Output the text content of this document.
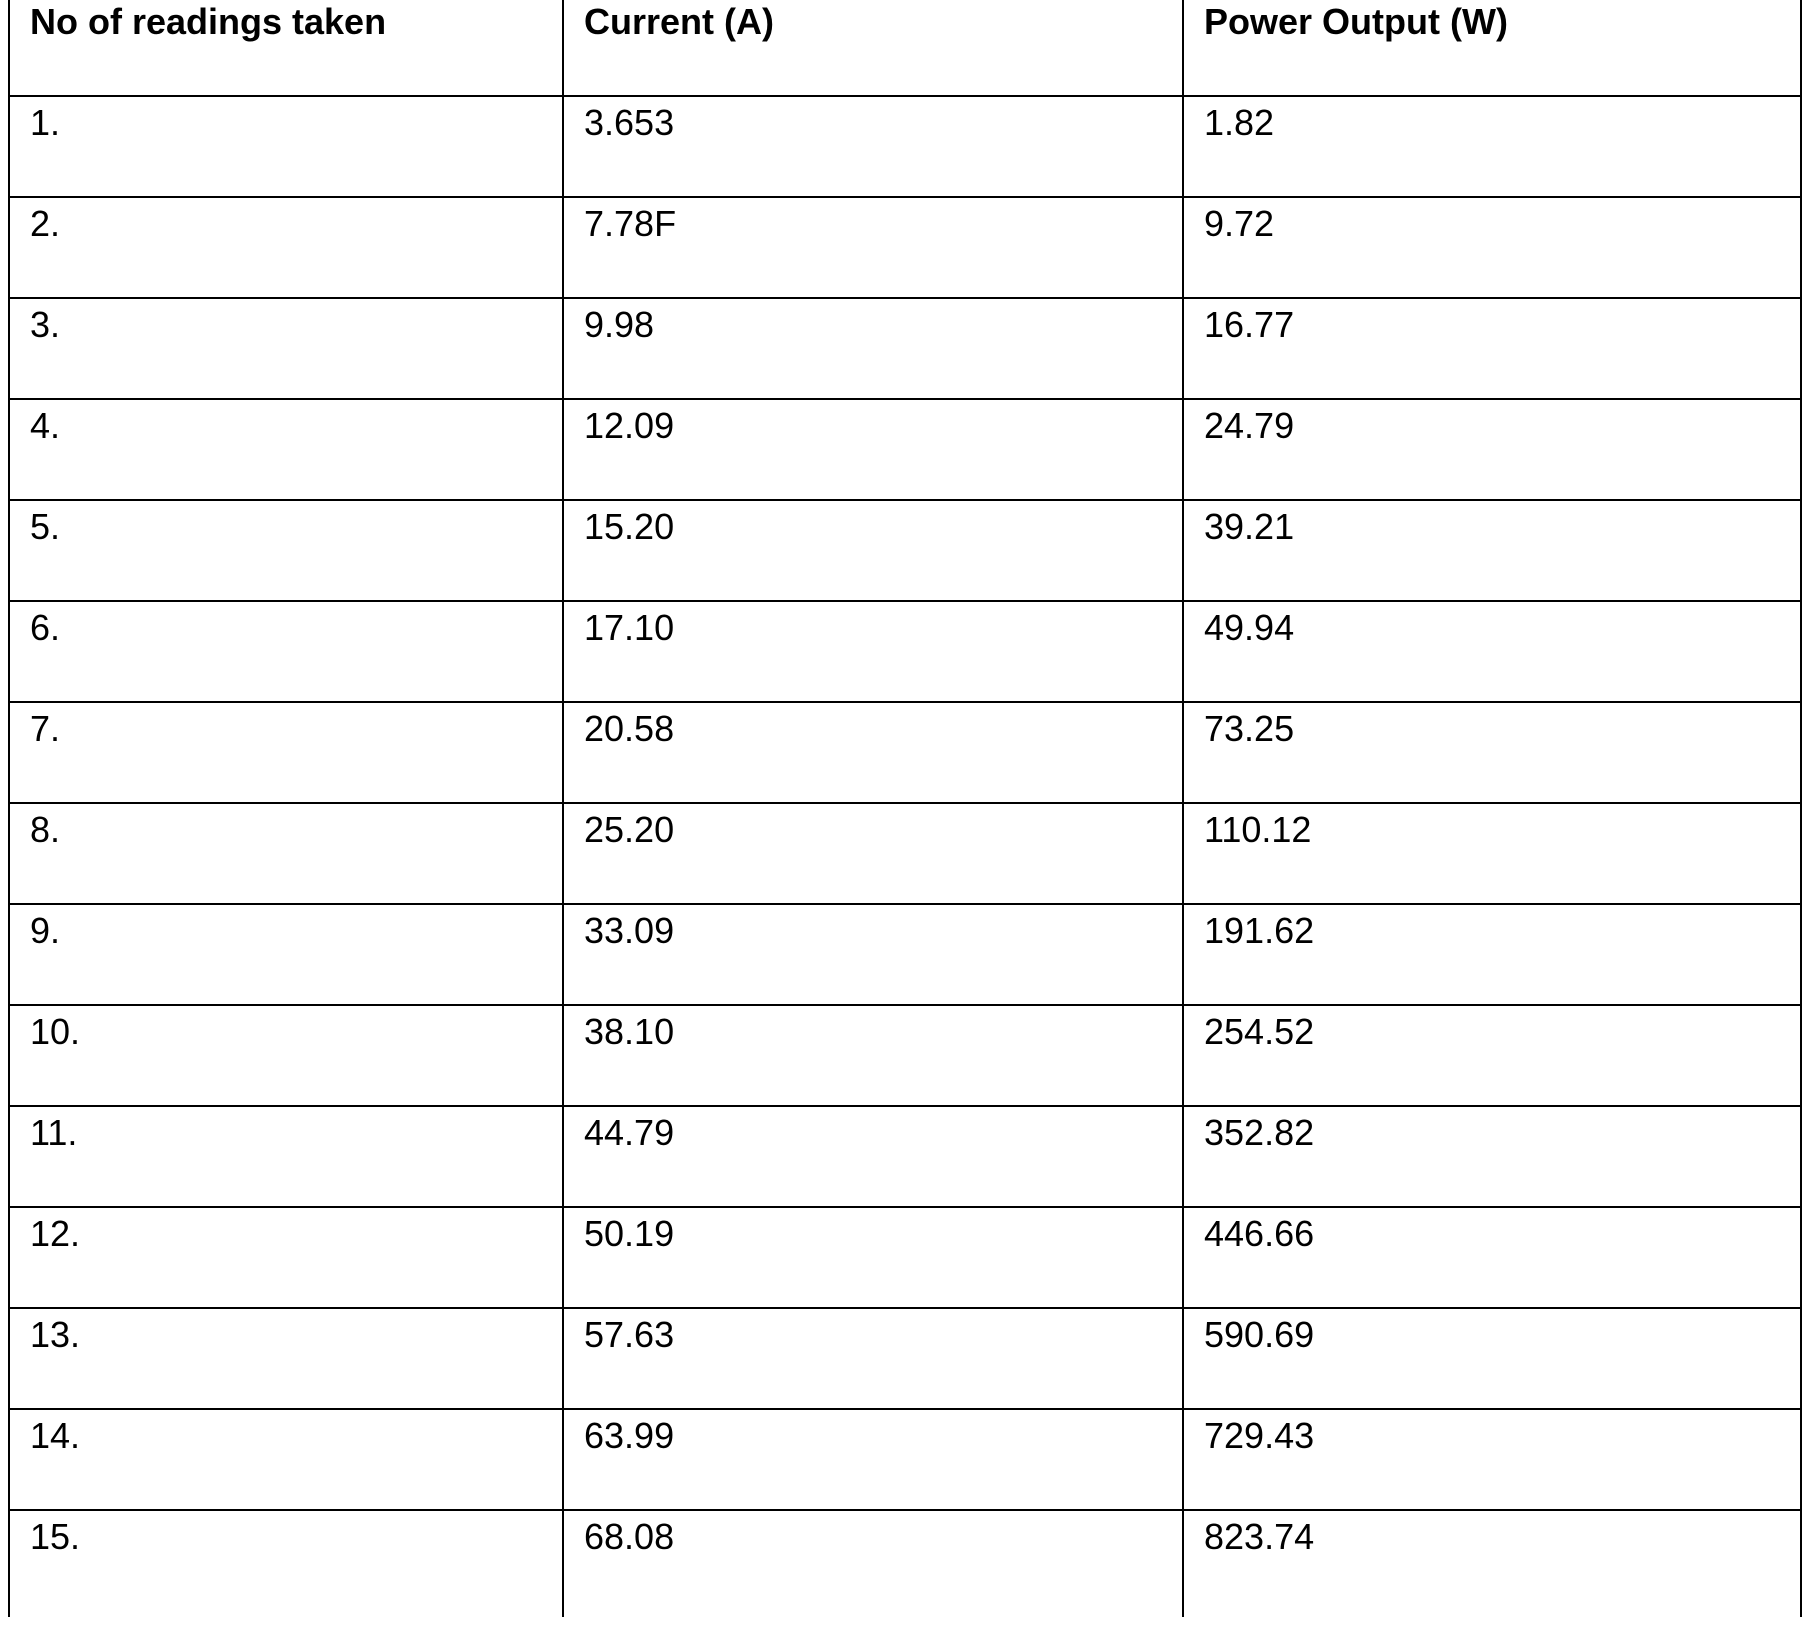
No of readings taken	Current (A)	Power Output (W)
1.	3.653	1.82
2.	7.78F	9.72
3.	9.98	16.77
4.	12.09	24.79
5.	15.20	39.21
6.	17.10	49.94
7.	20.58	73.25
8.	25.20	110.12
9.	33.09	191.62
10.	38.10	254.52
11.	44.79	352.82
12.	50.19	446.66
13.	57.63	590.69
14.	63.99	729.43
15.	68.08	823.74
